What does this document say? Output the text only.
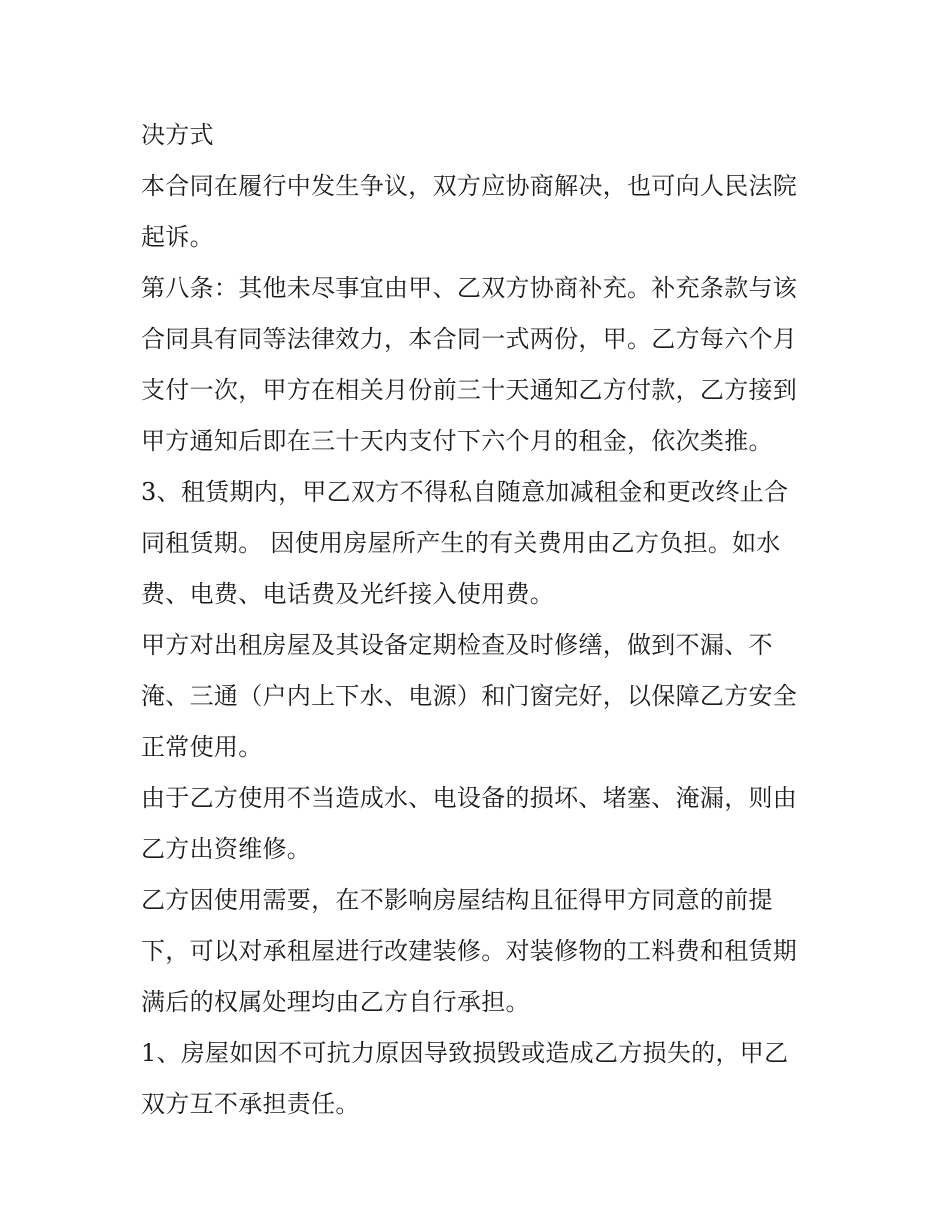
决方式
本合同在履行中发生争议，双方应协商解决，也可向人民法院
起诉。
第八条：其他未尽事宜由甲、乙双方协商补充。补充条款与该
合同具有同等法律效力，本合同一式两份，甲。乙方每六个月
支付一次，甲方在相关月份前三十天通知乙方付款，乙方接到
甲方通知后即在三十天内支付下六个月的租金，依次类推。
3、租赁期内，甲乙双方不得私自随意加减租金和更改终止合
同租赁期。 因使用房屋所产生的有关费用由乙方负担。如水
费、电费、电话费及光纤接入使用费。
甲方对出租房屋及其设备定期检查及时修缮，做到不漏、不
淹、三通（户内上下水、电源）和门窗完好，以保障乙方安全
正常使用。
由于乙方使用不当造成水、电设备的损坏、堵塞、淹漏，则由
乙方出资维修。
乙方因使用需要，在不影响房屋结构且征得甲方同意的前提
下，可以对承租屋进行改建装修。对装修物的工料费和租赁期
满后的权属处理均由乙方自行承担。
1、房屋如因不可抗力原因导致损毁或造成乙方损失的，甲乙
双方互不承担责任。
